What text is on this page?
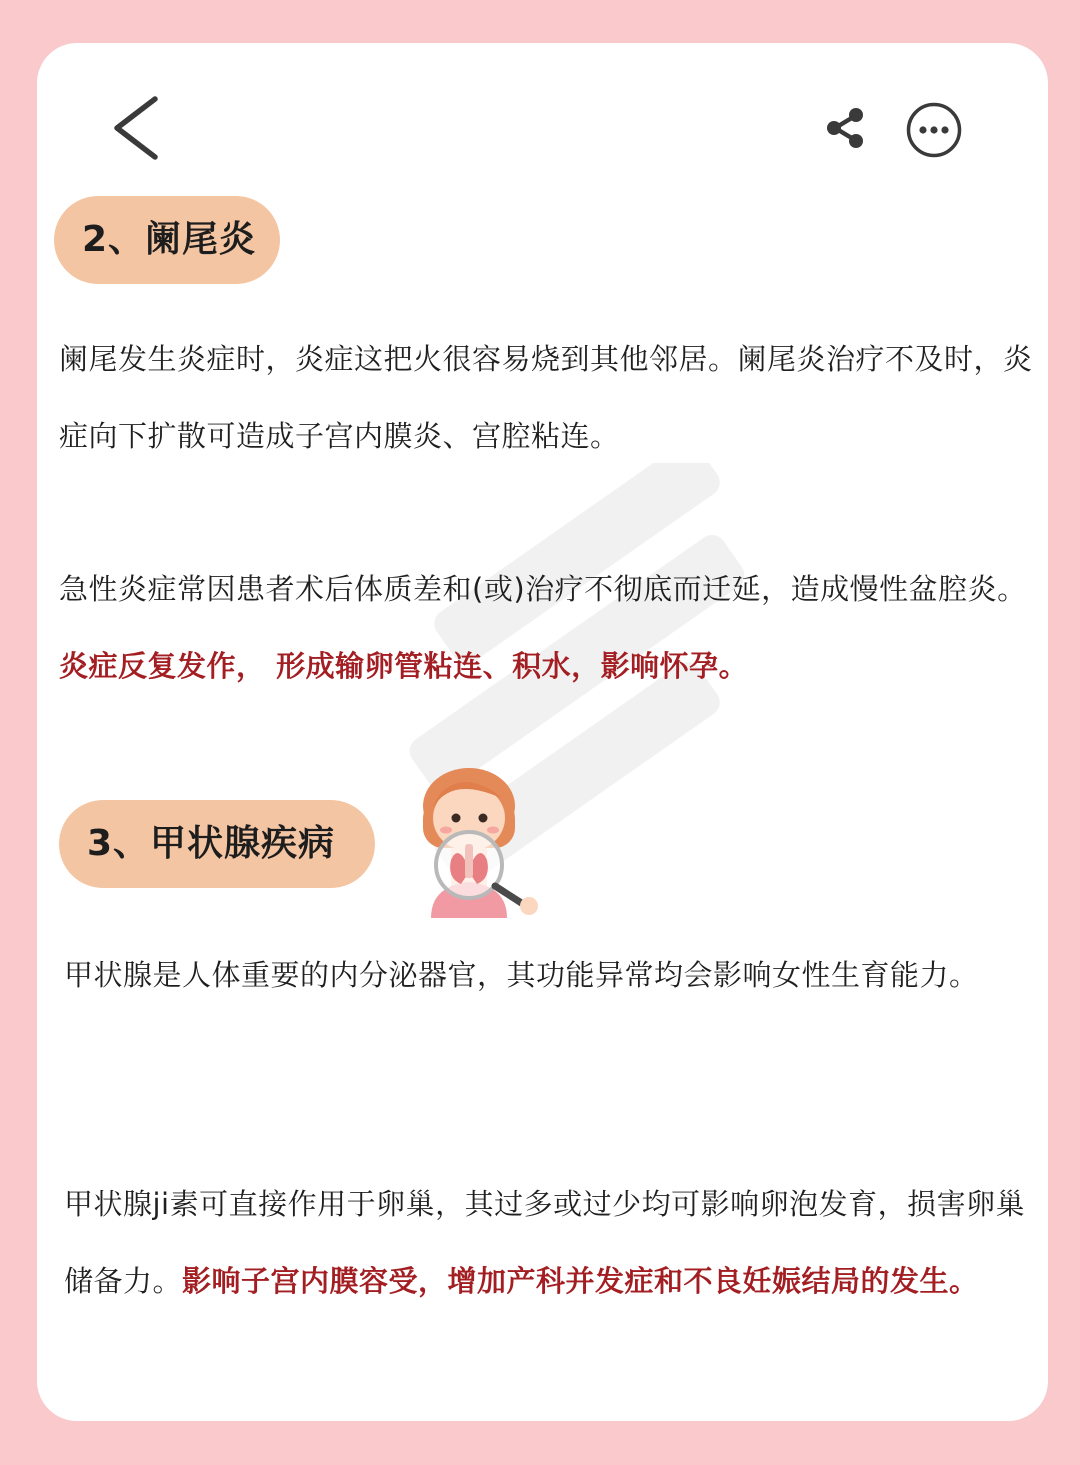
2、阑尾炎
阑尾发生炎症时，炎症这把火很容易烧到其他邻居。阑尾炎治疗不及时，炎症向下扩散可造成子宫内膜炎、宫腔粘连。
急性炎症常因患者术后体质差和(或)治疗不彻底而迁延，造成慢性盆腔炎。炎症反复发作， 形成输卵管粘连、积水，影响怀孕。
3、甲状腺疾病
甲状腺是人体重要的内分泌器官，其功能异常均会影响女性生育能力。
甲状腺ji素可直接作用于卵巢，其过多或过少均可影响卵泡发育，损害卵巢储备力。影响子宫内膜容受，增加产科并发症和不良妊娠结局的发生。
